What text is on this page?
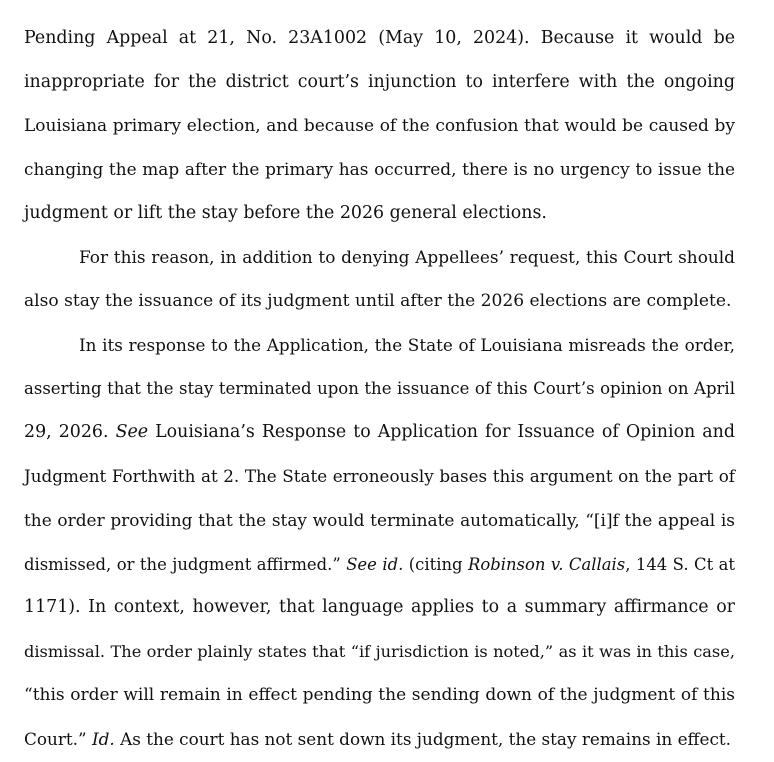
Pending Appeal at 21, No. 23A1002 (May 10, 2024). Because it would be
inappropriate for the district court’s injunction to interfere with the ongoing
Louisiana primary election, and because of the confusion that would be caused by
changing the map after the primary has occurred, there is no urgency to issue the
judgment or lift the stay before the 2026 general elections.

For this reason, in addition to denying Appellees’ request, this Court should
also stay the issuance of its judgment until after the 2026 elections are complete.

In its response to the Application, the State of Louisiana misreads the order,
asserting that the stay terminated upon the issuance of this Court’s opinion on April
29, 2026. See Louisiana’s Response to Application for Issuance of Opinion and
Judgment Forthwith at 2. The State erroneously bases this argument on the part of
the order providing that the stay would terminate automatically, “[i]f the appeal is
dismissed, or the judgment affirmed.” See id. (citing Robinson v. Callais, 144 S. Ct at
1171). In context, however, that language applies to a summary affirmance or
dismissal. The order plainly states that “if jurisdiction is noted,” as it was in this case,
“this order will remain in effect pending the sending down of the judgment of this
Court.” Id. As the court has not sent down its judgment, the stay remains in effect.
